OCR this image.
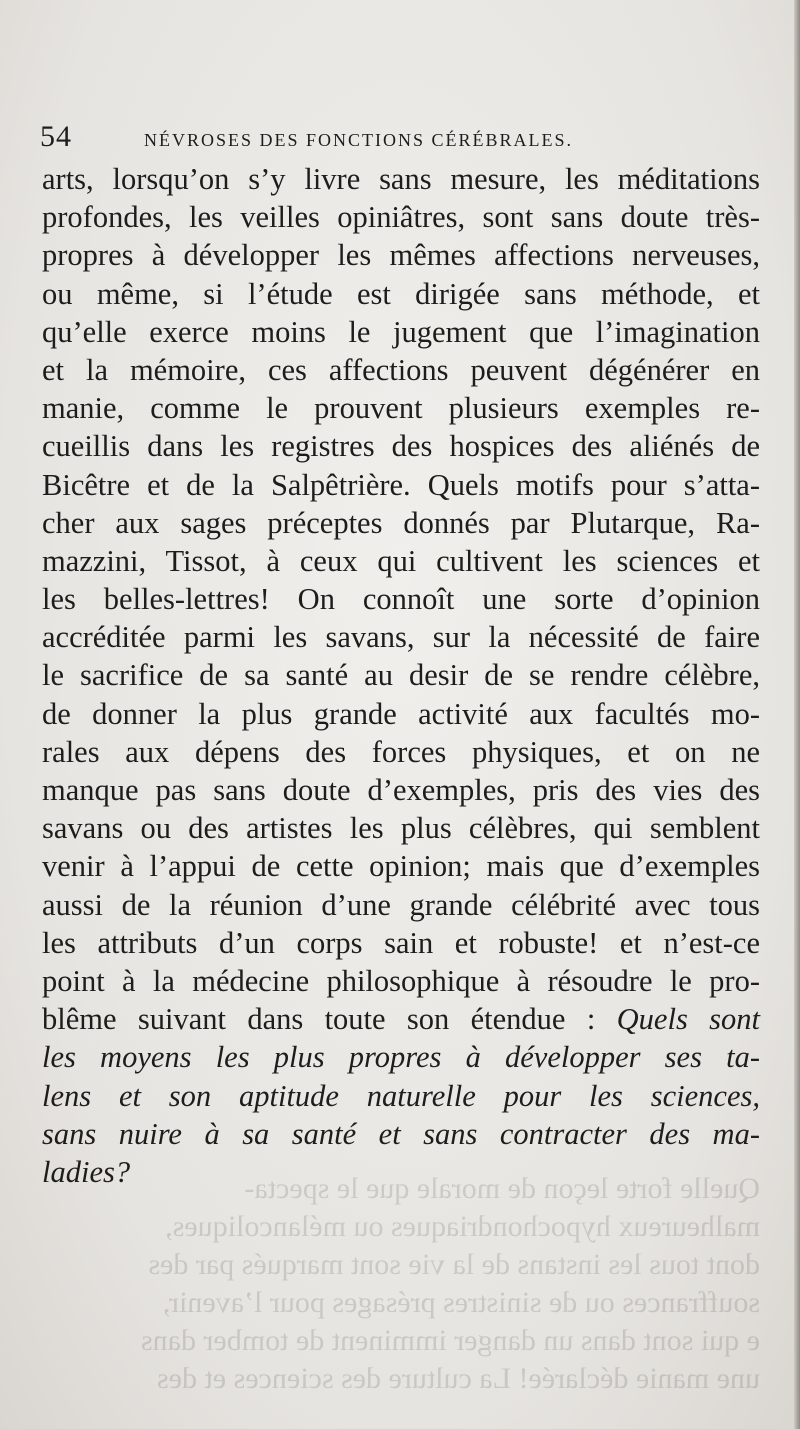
Quelle forte leçon de morale que le specta-
malheureux hypochondriaques ou mélancoliques,
dont tous les instans de la vie sont marqués par des
souffrances ou de sinistres présages pour l’avenir,
e qui sont dans un danger imminent de tomber dans
une manie déclarée! La culture des sciences et des
54	NÉVROSES DES FONCTIONS CÉRÉBRALES.
arts, lorsqu’on s’y livre sans mesure, les méditations
profondes, les veilles opiniâtres, sont sans doute très-
propres à développer les mêmes affections nerveuses,
ou même, si l’étude est dirigée sans méthode, et
qu’elle exerce moins le jugement que l’imagination
et la mémoire, ces affections peuvent dégénérer en
manie, comme le prouvent plusieurs exemples re-
cueillis dans les registres des hospices des aliénés de
Bicêtre et de la Salpêtrière. Quels motifs pour s’atta-
cher aux sages préceptes donnés par Plutarque, Ra-
mazzini, Tissot, à ceux qui cultivent les sciences et
les belles-lettres! On connoît une sorte d’opinion
accréditée parmi les savans, sur la nécessité de faire
le sacrifice de sa santé au desir de se rendre célèbre,
de donner la plus grande activité aux facultés mo-
rales aux dépens des forces physiques, et on ne
manque pas sans doute d’exemples, pris des vies des
savans ou des artistes les plus célèbres, qui semblent
venir à l’appui de cette opinion; mais que d’exemples
aussi de la réunion d’une grande célébrité avec tous
les attributs d’un corps sain et robuste! et n’est-ce
point à la médecine philosophique à résoudre le pro-
blême suivant dans toute son étendue : Quels sont
les moyens les plus propres à développer ses ta-
lens et son aptitude naturelle pour les sciences,
sans nuire à sa santé et sans contracter des ma-
ladies?
